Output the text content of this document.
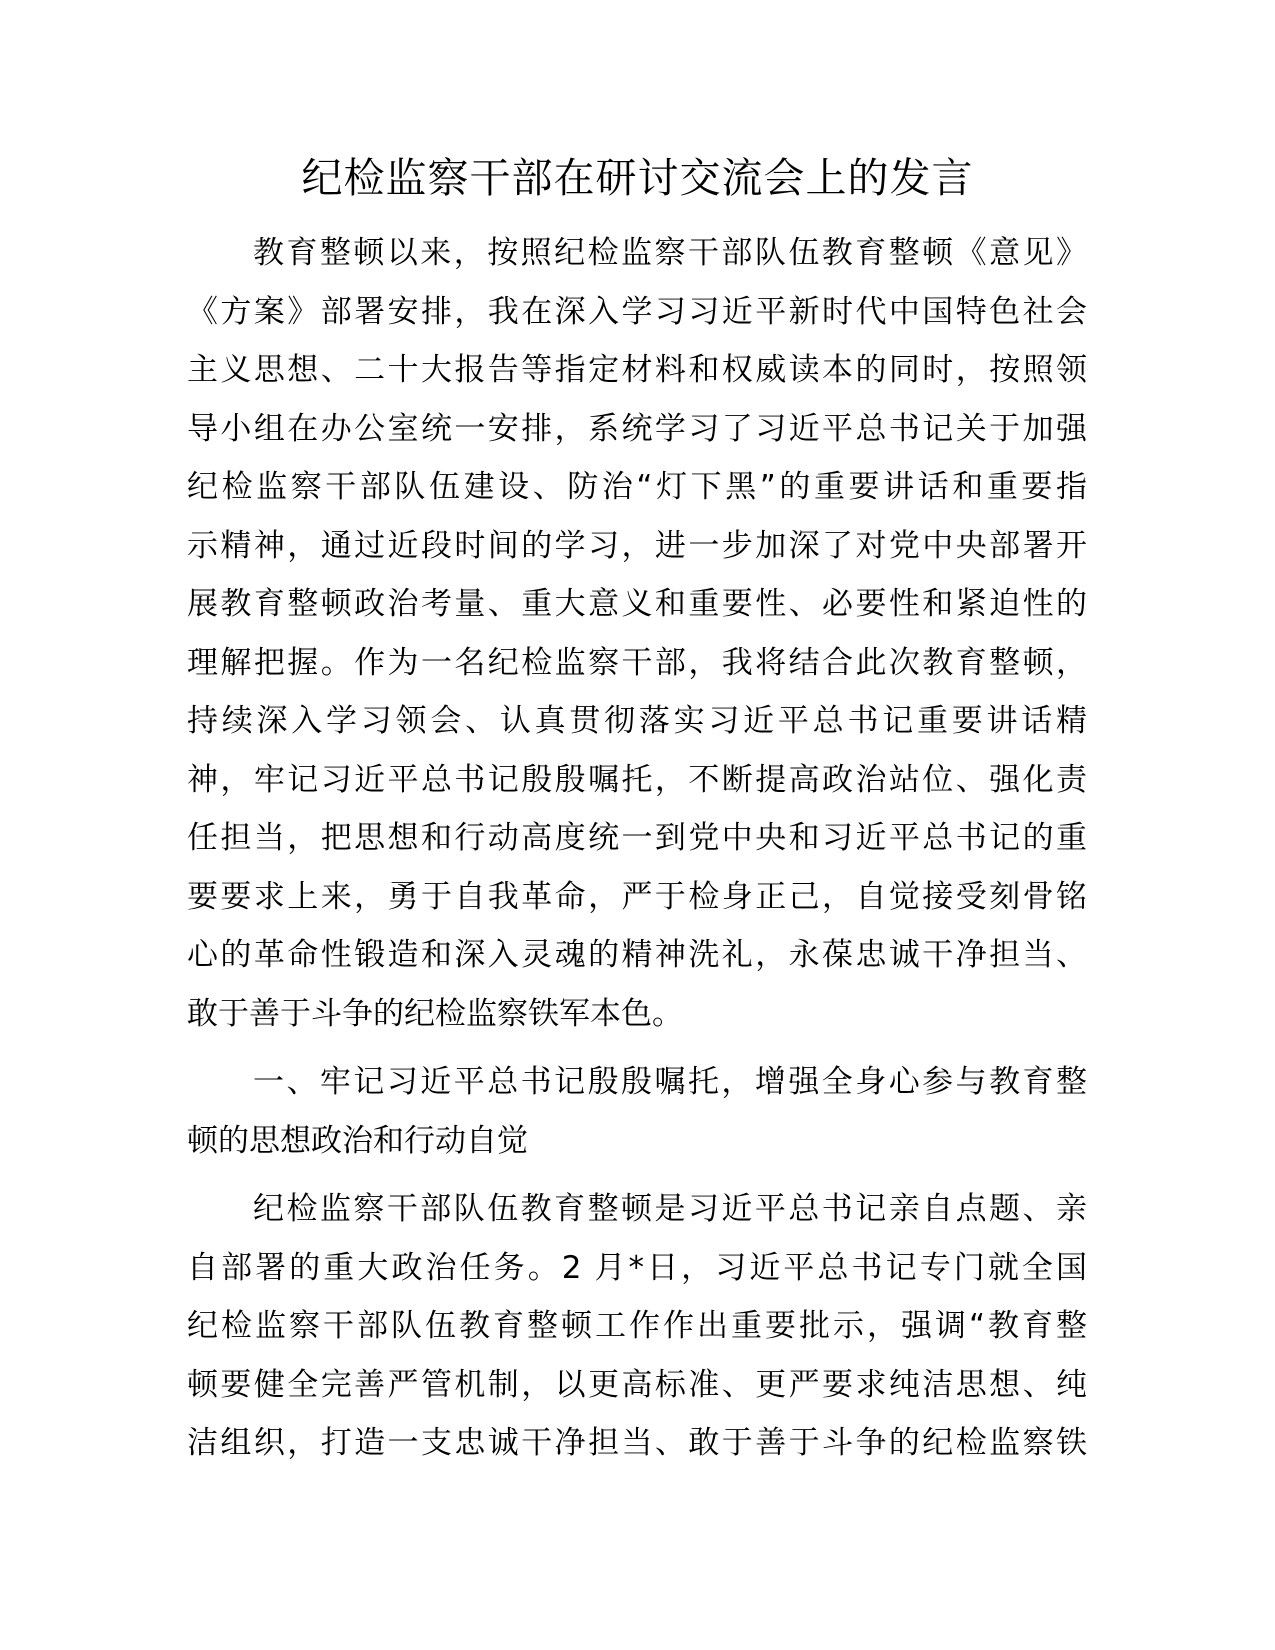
纪检监察干部在研讨交流会上的发言
教育整顿以来，按照纪检监察干部队伍教育整顿《意见》
《方案》部署安排，我在深入学习习近平新时代中国特色社会
主义思想、二十大报告等指定材料和权威读本的同时，按照领
导小组在办公室统一安排，系统学习了习近平总书记关于加强
纪检监察干部队伍建设、防治“灯下黑”的重要讲话和重要指
示精神，通过近段时间的学习，进一步加深了对党中央部署开
展教育整顿政治考量、重大意义和重要性、必要性和紧迫性的
理解把握。作为一名纪检监察干部，我将结合此次教育整顿，
持续深入学习领会、认真贯彻落实习近平总书记重要讲话精
神，牢记习近平总书记殷殷嘱托，不断提高政治站位、强化责
任担当，把思想和行动高度统一到党中央和习近平总书记的重
要要求上来，勇于自我革命，严于检身正己，自觉接受刻骨铭
心的革命性锻造和深入灵魂的精神洗礼，永葆忠诚干净担当、
敢于善于斗争的纪检监察铁军本色。
一、牢记习近平总书记殷殷嘱托，增强全身心参与教育整
顿的思想政治和行动自觉
纪检监察干部队伍教育整顿是习近平总书记亲自点题、亲
自部署的重大政治任务。2 月*日，习近平总书记专门就全国
纪检监察干部队伍教育整顿工作作出重要批示，强调“教育整
顿要健全完善严管机制，以更高标准、更严要求纯洁思想、纯
洁组织，打造一支忠诚干净担当、敢于善于斗争的纪检监察铁
